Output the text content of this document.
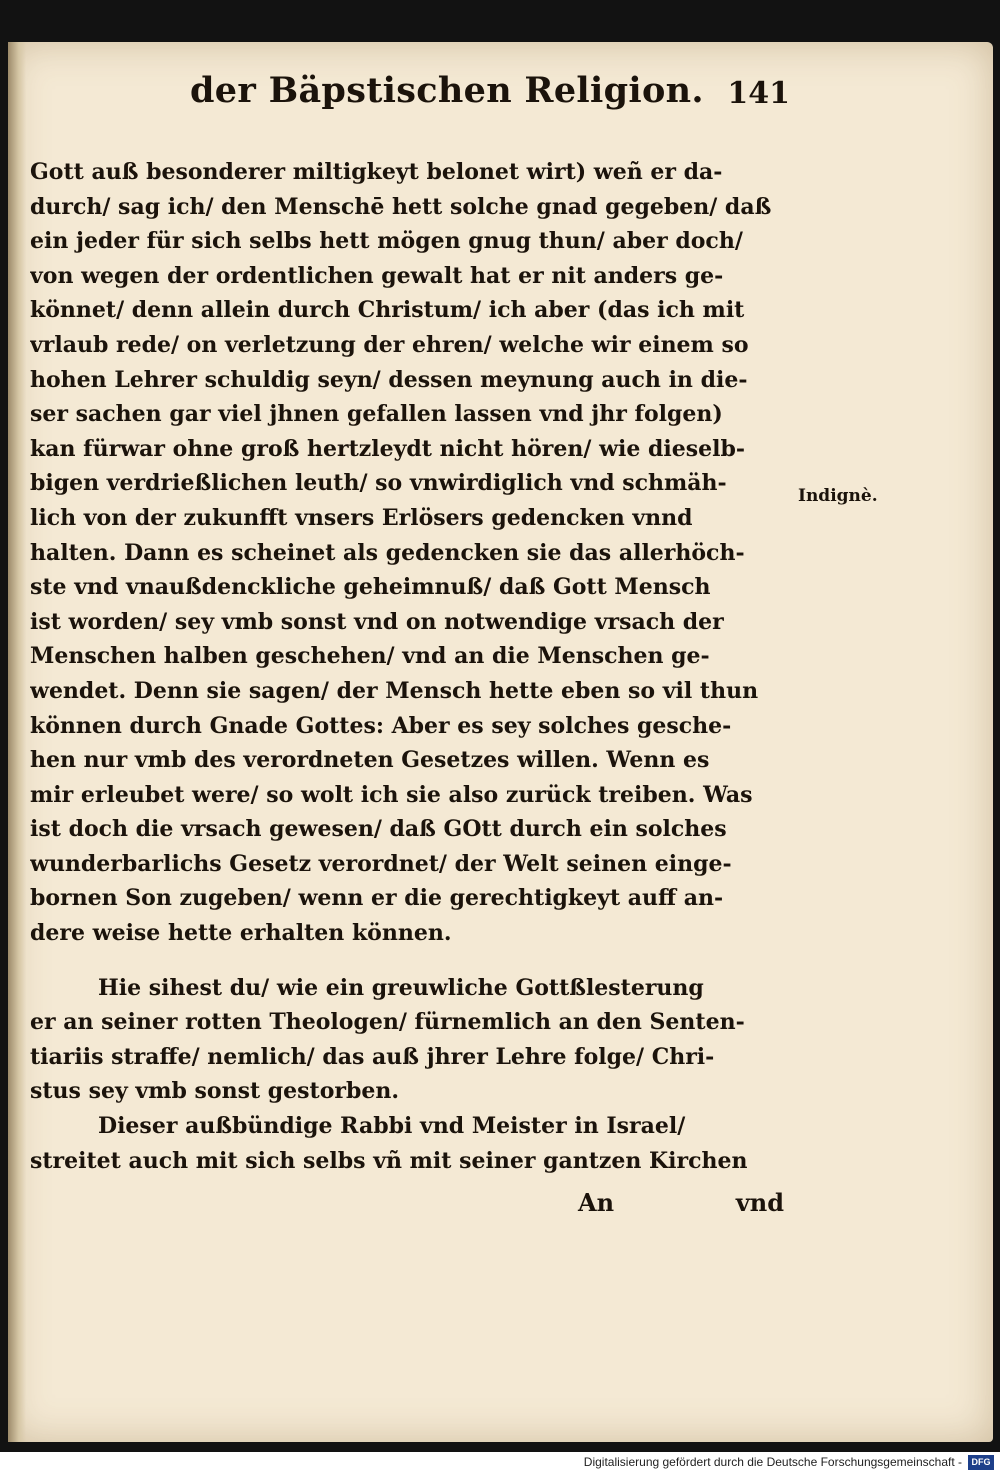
der Bäpstischen Religion. 141
Gott auß besonderer miltigkeyt belonet wirt) weñ er da-
durch/ sag ich/ den Menschē hett solche gnad gegeben/ daß
ein jeder für sich selbs hett mögen gnug thun/ aber doch/
von wegen der ordentlichen gewalt hat er nit anders ge-
könnet/ denn allein durch Christum/ ich aber (das ich mit
vrlaub rede/ on verletzung der ehren/ welche wir einem so
hohen Lehrer schuldig seyn/ dessen meynung auch in die-
ser sachen gar viel jhnen gefallen lassen vnd jhr folgen)
kan fürwar ohne groß hertzleydt nicht hören/ wie dieselb-
bigen verdrießlichen leuth/ so vnwirdiglich vnd schmäh-
lich von der zukunfft vnsers Erlösers gedencken vnnd
halten. Dann es scheinet als gedencken sie das allerhöch-
ste vnd vnaußdenckliche geheimnuß/ daß Gott Mensch
ist worden/ sey vmb sonst vnd on notwendige vrsach der
Menschen halben geschehen/ vnd an die Menschen ge-
wendet. Denn sie sagen/ der Mensch hette eben so vil thun
können durch Gnade Gottes: Aber es sey solches gesche-
hen nur vmb des verordneten Gesetzes willen. Wenn es
mir erleubet were/ so wolt ich sie also zurück treiben. Was
ist doch die vrsach gewesen/ daß GOtt durch ein solches
wunderbarlichs Gesetz verordnet/ der Welt seinen einge-
bornen Son zugeben/ wenn er die gerechtigkeyt auff an-
dere weise hette erhalten können.
Hie sihest du/ wie ein greuwliche Gottßlesterung
er an seiner rotten Theologen/ fürnemlich an den Senten-
tiariis straffe/ nemlich/ das auß jhrer Lehre folge/ Chri-
stus sey vmb sonst gestorben.
Dieser außbündige Rabbi vnd Meister in Israel/
streitet auch mit sich selbs vñ mit seiner gantzen Kirchen
Indignè.
An	vnd
Digitalisierung gefördert durch die Deutsche Forschungsgemeinschaft -	DFG
